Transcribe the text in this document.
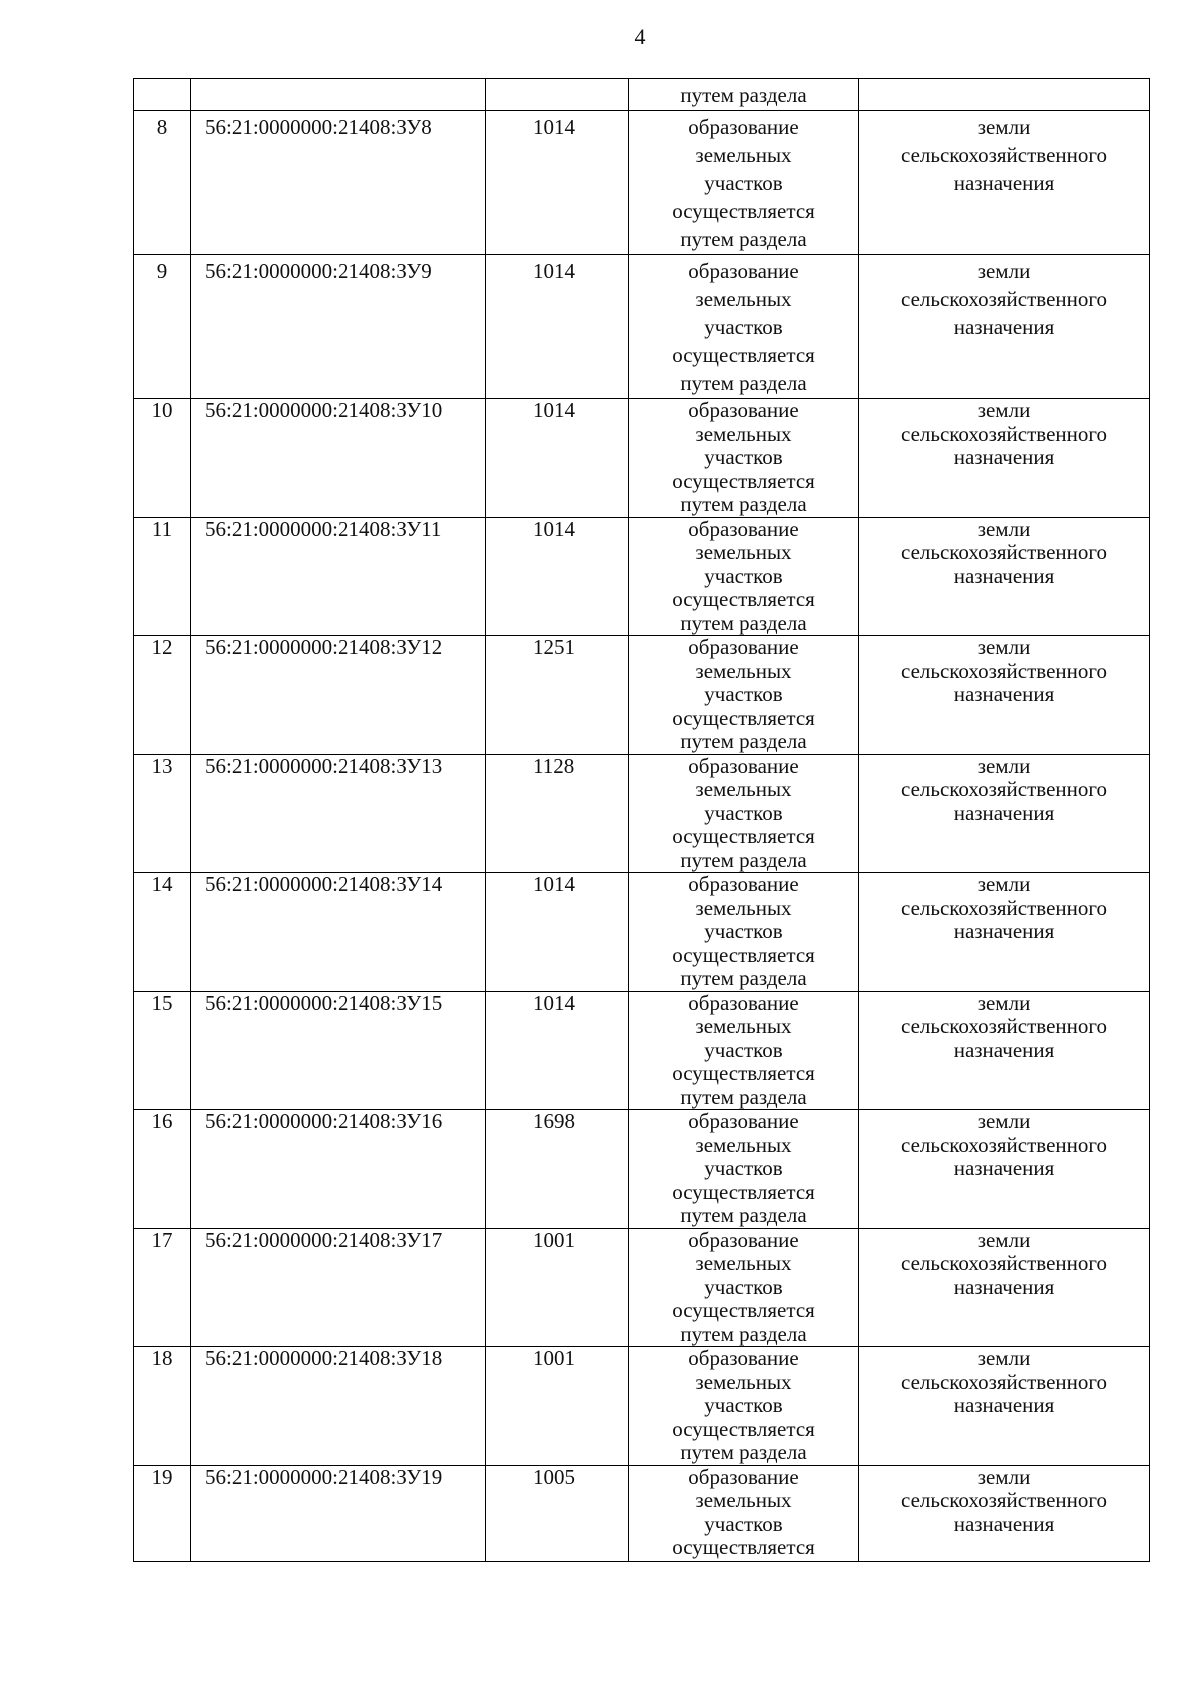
4
			путем раздела	
8	56:21:0000000:21408:ЗУ8	1014	образование
земельных
участков
осуществляется
путем раздела	земли
сельскохозяйственного
назначения

9	56:21:0000000:21408:ЗУ9	1014	образование
земельных
участков
осуществляется
путем раздела	земли
сельскохозяйственного
назначения

10	56:21:0000000:21408:ЗУ10	1014	образование
земельных
участков
осуществляется
путем раздела	земли
сельскохозяйственного
назначения

11	56:21:0000000:21408:ЗУ11	1014	образование
земельных
участков
осуществляется
путем раздела	земли
сельскохозяйственного
назначения

12	56:21:0000000:21408:ЗУ12	1251	образование
земельных
участков
осуществляется
путем раздела	земли
сельскохозяйственного
назначения

13	56:21:0000000:21408:ЗУ13	1128	образование
земельных
участков
осуществляется
путем раздела	земли
сельскохозяйственного
назначения

14	56:21:0000000:21408:ЗУ14	1014	образование
земельных
участков
осуществляется
путем раздела	земли
сельскохозяйственного
назначения

15	56:21:0000000:21408:ЗУ15	1014	образование
земельных
участков
осуществляется
путем раздела	земли
сельскохозяйственного
назначения

16	56:21:0000000:21408:ЗУ16	1698	образование
земельных
участков
осуществляется
путем раздела	земли
сельскохозяйственного
назначения

17	56:21:0000000:21408:ЗУ17	1001	образование
земельных
участков
осуществляется
путем раздела	земли
сельскохозяйственного
назначения

18	56:21:0000000:21408:ЗУ18	1001	образование
земельных
участков
осуществляется
путем раздела	земли
сельскохозяйственного
назначения

19	56:21:0000000:21408:ЗУ19	1005	образование
земельных
участков
осуществляется	земли
сельскохозяйственного
назначения
